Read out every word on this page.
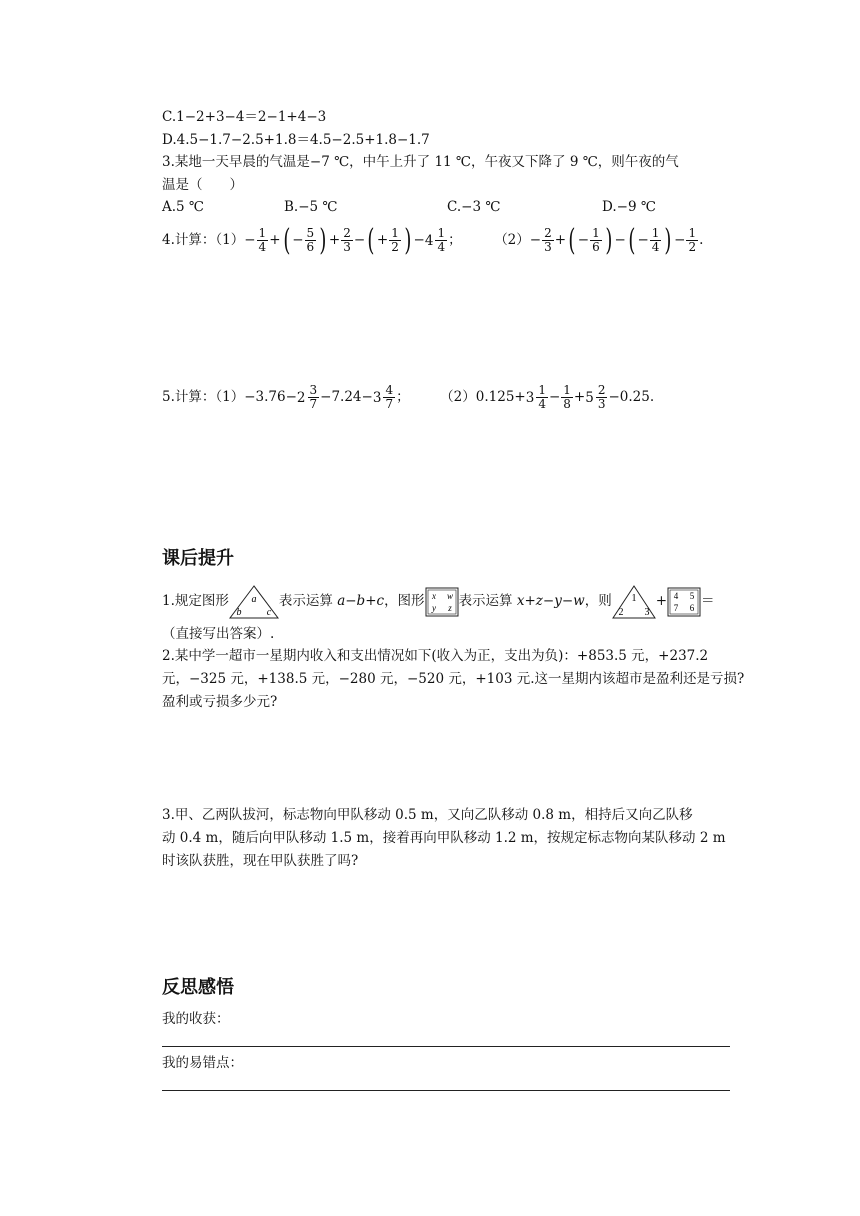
C.1−2+3−4＝2−1+4−3
D.4.5−1.7−2.5+1.8＝4.5−2.5+1.8−1.7
3.某地一天早晨的气温是−7 ℃，中午上升了 11 ℃，午夜又下降了 9 ℃，则午夜的气
温是（　　）
A.5 ℃	B.−5 ℃	C.−3 ℃	D.−9 ℃
4.计算：$(1)- \frac{1}{4}$ +( − $\frac{5}{6}$ ) + $\frac{2}{3}$ −( + $\frac{1}{2}$ ) − $4 \frac{1}{4}$ ； $(2)- \frac{2}{3}$ +( − $\frac{1}{6}$ ) −( − $\frac{1}{4}$ ) − $\frac{1}{2}$ .
5.计算：$(1)-3.76- 2 \frac{3}{7} -7.24- 3 \frac{4}{7}$ ； $(2)0.125+ 3 \frac{1}{4} - \frac{1}{8} + 5 \frac{2}{3} -0.25$.
课后提升
1.规定图形 a
b	c
表示运算 a−b+c，图形 x w
y z 表示运算 x+z−y−w，则 1
2 3
+ 4 5
7 6 ＝
（直接写出答案）.
2.某中学一超市一星期内收入和支出情况如下(收入为正，支出为负)：+853.5 元，+237.2
元，−325 元，+138.5 元，−280 元，−520 元，+103 元.这一星期内该超市是盈利还是亏损?
盈利或亏损多少元?
3.甲、乙两队拔河，标志物向甲队移动 0.5 m，又向乙队移动 0.8 m，相持后又向乙队移
动 0.4 m，随后向甲队移动 1.5 m，接着再向甲队移动 1.2 m，按规定标志物向某队移动 2 m
时该队获胜，现在甲队获胜了吗?
反思感悟
我的收获：
我的易错点：
